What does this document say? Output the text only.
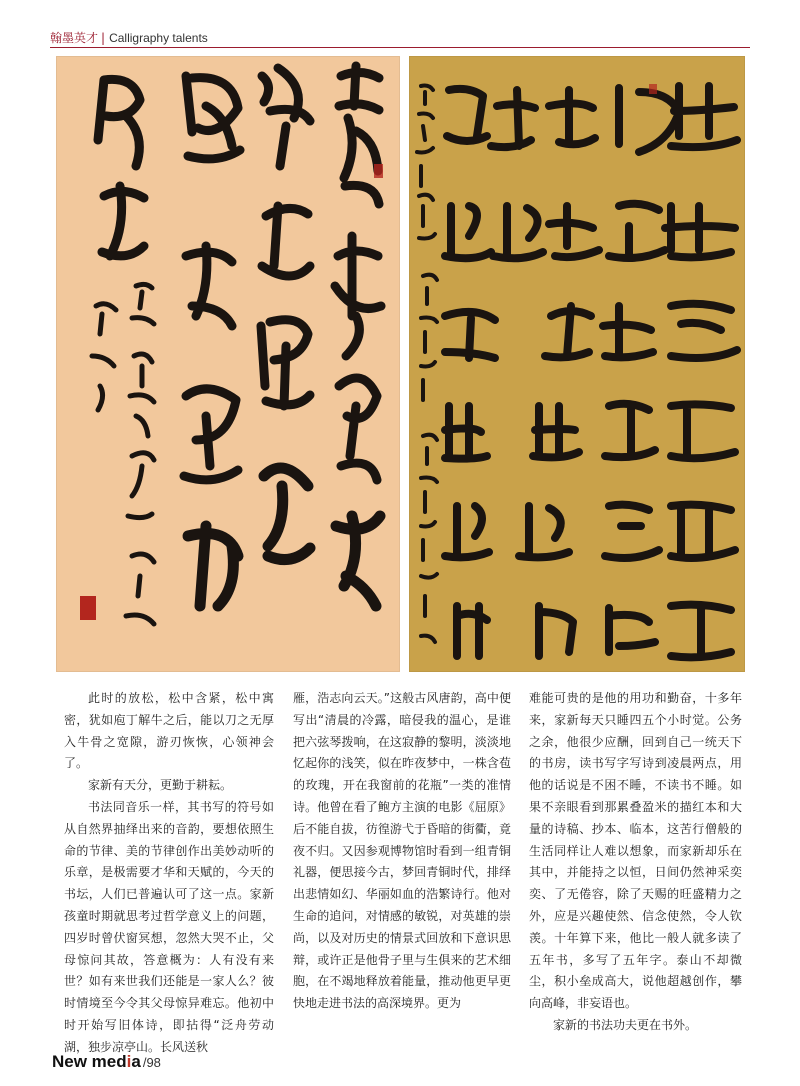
翰墨英才 | Calligraphy talents

此时的放松，松中含紧，松中寓密，犹如庖丁解牛之后，能以刀之无厚入牛骨之宽隙，游刃恢恢，心领神会了。

家新有天分，更勤于耕耘。

书法同音乐一样，其书写的符号如从自然界抽绎出来的音韵，要想依照生命的节律、美的节律创作出美妙动听的乐章，是极需要才华和天赋的，今天的书坛，人们已普遍认可了这一点。家新孩童时期就思考过哲学意义上的问题，四岁时曾伏窗冥想，忽然大哭不止，父母惊问其故，答意概为：人有没有来世？如有来世我们还能是一家人么？彼时情境至今令其父母惊异难忘。他初中时开始写旧体诗，即拈得“泛舟劳动湖，独步凉亭山。长风送秋

雁，浩志向云天。”这般古风唐韵，高中便写出“清晨的冷露，暗侵我的温心，是谁把六弦琴拨响，在这寂静的黎明，淡淡地忆起你的浅笑，似在昨夜梦中，一株含苞的玫瑰，开在我窗前的花瓶”一类的准情诗。他曾在看了鲍方主演的电影《屈原》后不能自拔，彷徨游弋于昏暗的街衢，竟夜不归。又因参观博物馆时看到一组青铜礼器，便思接今古，梦回青铜时代，排绎出悲情如幻、华丽如血的浩繁诗行。他对生命的追问，对情感的敏锐，对英雄的崇尚，以及对历史的情景式回放和下意识思辩，或许正是他骨子里与生俱来的艺术细胞，在不竭地释放着能量，推动他更早更快地走进书法的高深境界。更为

难能可贵的是他的用功和勤奋，十多年来，家新每天只睡四五个小时觉。公务之余，他很少应酬，回到自己一统天下的书房，读书写字写诗到凌晨两点，用他的话说是不困不睡，不读书不睡。如果不亲眼看到那累叠盈米的描红本和大量的诗稿、抄本、临本，这苦行僧般的生活同样让人难以想象，而家新却乐在其中，并能持之以恒，日间仍然神采奕奕、了无倦容，除了天赐的旺盛精力之外，应是兴趣使然、信念使然，令人钦羡。十年算下来，他比一般人就多读了五年书，多写了五年字。泰山不却微尘，积小垒成高大，说他超越创作，攀向高峰，非妄语也。

家新的书法功夫更在书外。

New media /98
